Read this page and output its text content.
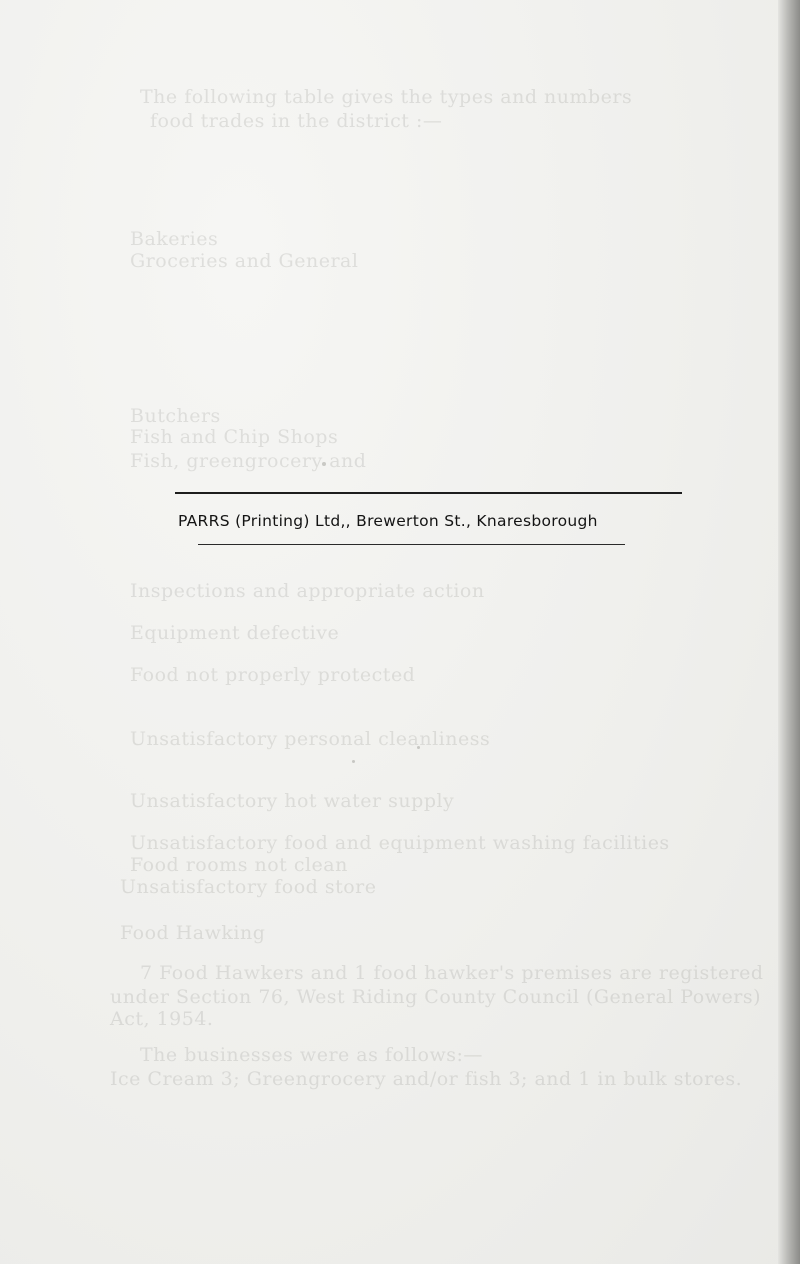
The following table gives the types and numbers
food trades in the district :—
Bakeries
Groceries and General
Butchers
Fish and Chip Shops
Fish, greengrocery and
Inspections and appropriate action
Equipment defective
Food not properly protected
Unsatisfactory personal cleanliness
Unsatisfactory hot water supply
Unsatisfactory food and equipment washing facilities
Food rooms not clean
Unsatisfactory food store
Food Hawking
7 Food Hawkers and 1 food hawker's premises are registered
under Section 76, West Riding County Council (General Powers)
Act, 1954.
The businesses were as follows:—
Ice Cream 3; Greengrocery and/or fish 3; and 1 in bulk stores.
PARRS (Printing) Ltd,, Brewerton St., Knaresborough
